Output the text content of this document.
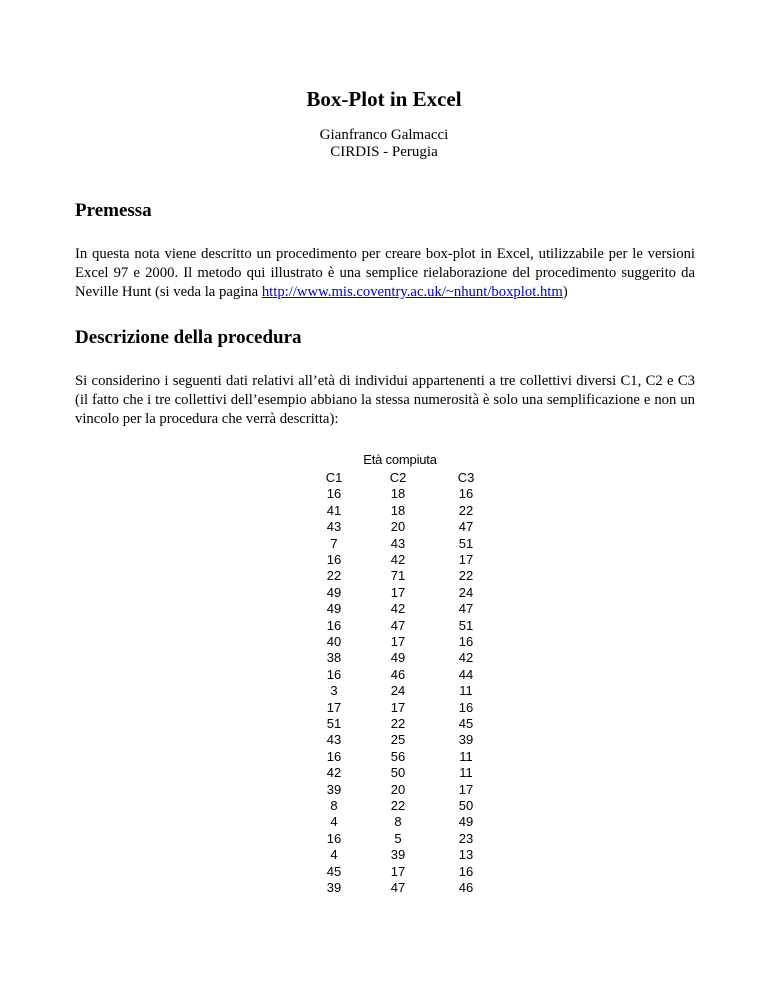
Box-Plot in Excel
Gianfranco Galmacci
CIRDIS - Perugia
Premessa
In questa nota viene descritto un procedimento per creare box-plot in Excel, utilizzabile per le versioni Excel 97 e 2000. Il metodo qui illustrato è una semplice rielaborazione del procedimento suggerito da Neville Hunt (si veda la pagina http://www.mis.coventry.ac.uk/~nhunt/boxplot.htm)
Descrizione della procedura
Si considerino i seguenti dati relativi all’età di individui appartenenti a tre collettivi diversi C1, C2 e C3 (il fatto che i tre collettivi dell’esempio abbiano la stessa numerosità è solo una semplificazione e non un vincolo per la procedura che verrà descritta):
Età compiuta
C1	C2	C3
16	18	16
41	18	22
43	20	47
7	43	51
16	42	17
22	71	22
49	17	24
49	42	47
16	47	51
40	17	16
38	49	42
16	46	44
3	24	11
17	17	16
51	22	45
43	25	39
16	56	11
42	50	11
39	20	17
8	22	50
4	8	49
16	5	23
4	39	13
45	17	16
39	47	46
